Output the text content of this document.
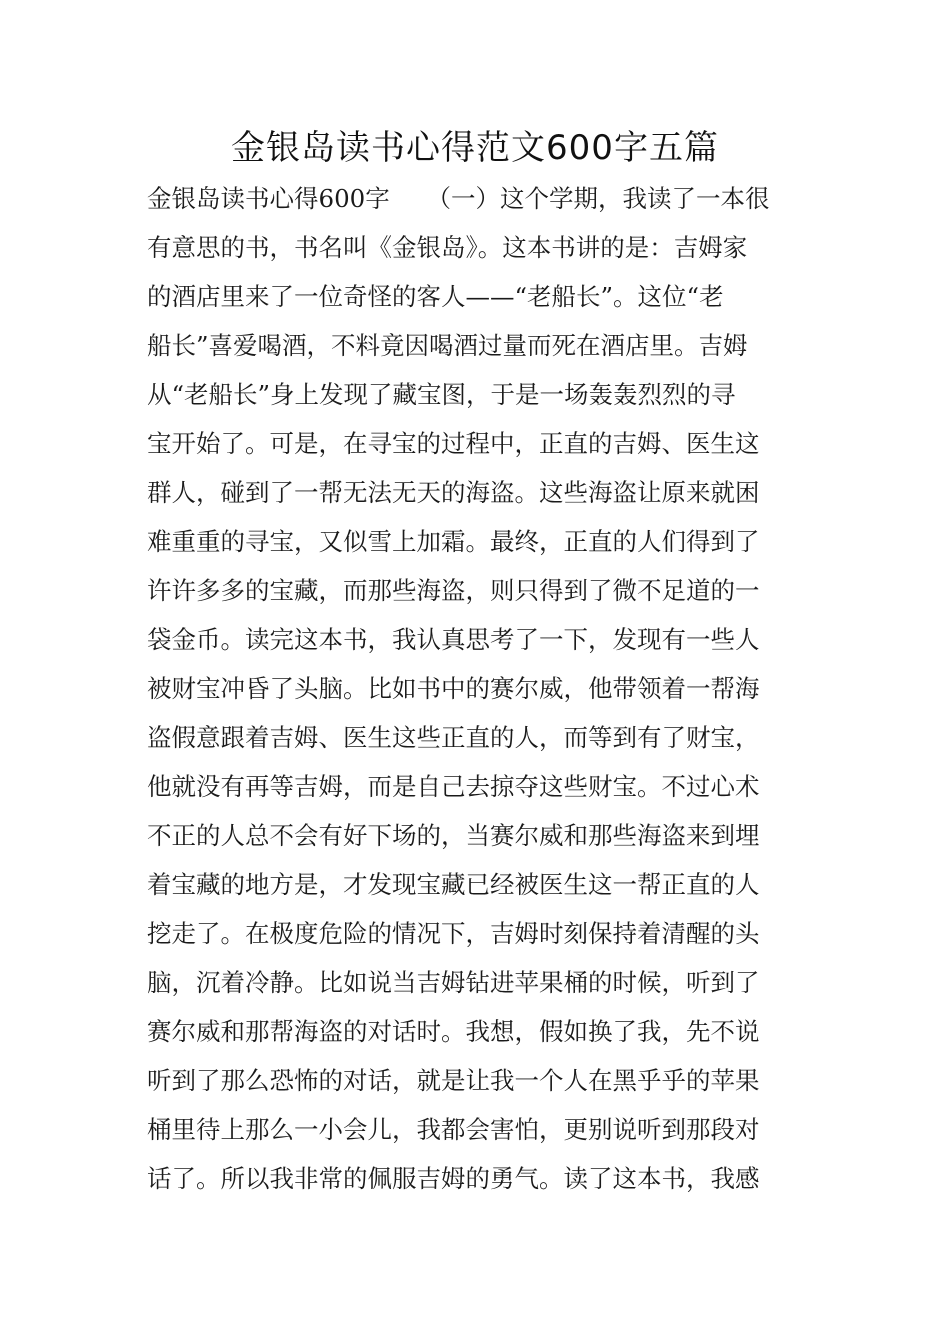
金银岛读书心得范文600字五篇
金银岛读书心得600字　　（一）这个学期，我读了一本很
有意思的书，书名叫《金银岛》。这本书讲的是：吉姆家
的酒店里来了一位奇怪的客人——“老船长”。这位“老
船长”喜爱喝酒，不料竟因喝酒过量而死在酒店里。吉姆
从“老船长”身上发现了藏宝图，于是一场轰轰烈烈的寻
宝开始了。可是，在寻宝的过程中，正直的吉姆、医生这
群人，碰到了一帮无法无天的海盗。这些海盗让原来就困
难重重的寻宝，又似雪上加霜。最终，正直的人们得到了
许许多多的宝藏，而那些海盗，则只得到了微不足道的一
袋金币。读完这本书，我认真思考了一下，发现有一些人
被财宝冲昏了头脑。比如书中的赛尔威，他带领着一帮海
盗假意跟着吉姆、医生这些正直的人，而等到有了财宝，
他就没有再等吉姆，而是自己去掠夺这些财宝。不过心术
不正的人总不会有好下场的，当赛尔威和那些海盗来到埋
着宝藏的地方是，才发现宝藏已经被医生这一帮正直的人
挖走了。在极度危险的情况下，吉姆时刻保持着清醒的头
脑，沉着冷静。比如说当吉姆钻进苹果桶的时候，听到了
赛尔威和那帮海盗的对话时。我想，假如换了我，先不说
听到了那么恐怖的对话，就是让我一个人在黑乎乎的苹果
桶里待上那么一小会儿，我都会害怕，更别说听到那段对
话了。所以我非常的佩服吉姆的勇气。读了这本书，我感
